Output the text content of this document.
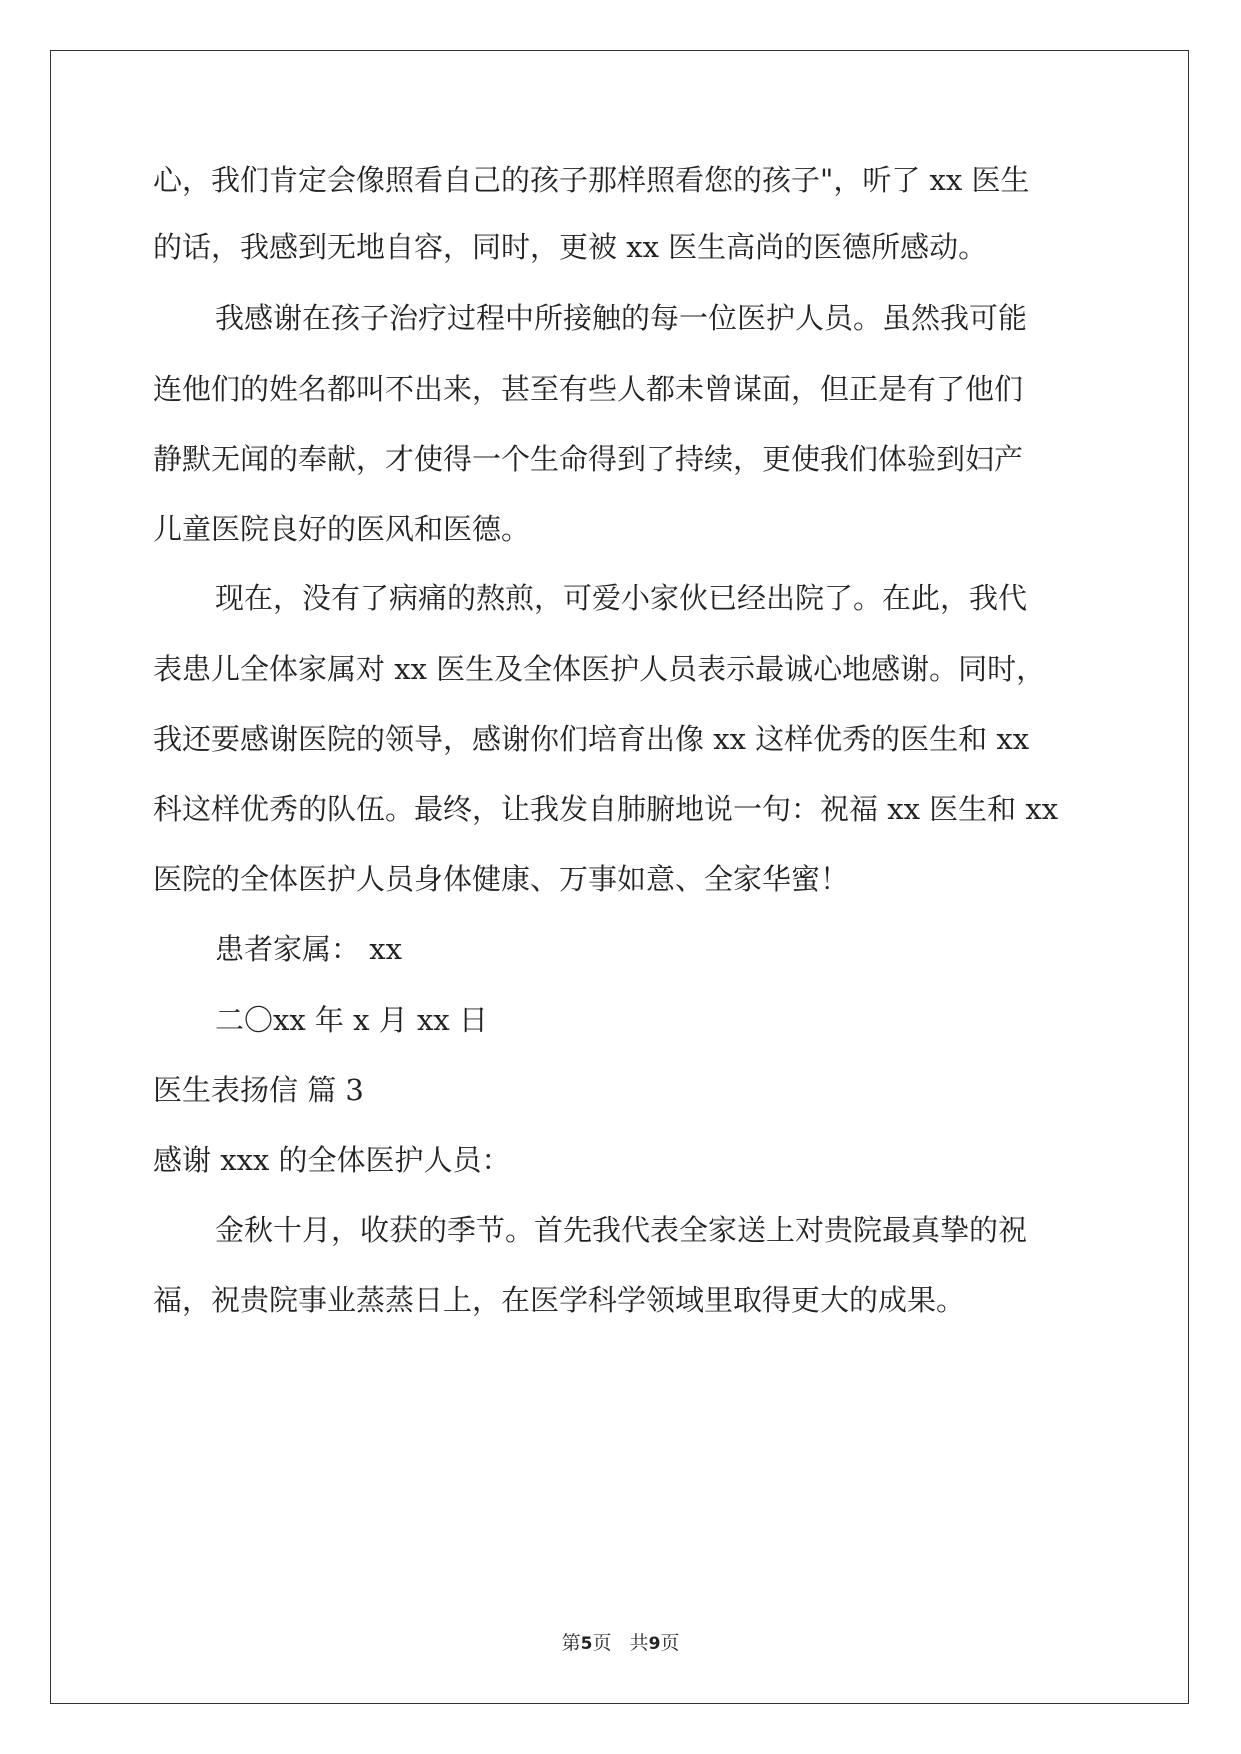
心，我们肯定会像照看自己的孩子那样照看您的孩子"，听了 xx 医生
的话，我感到无地自容，同时，更被 xx 医生高尚的医德所感动。
我感谢在孩子治疗过程中所接触的每一位医护人员。虽然我可能
连他们的姓名都叫不出来，甚至有些人都未曾谋面，但正是有了他们
静默无闻的奉献，才使得一个生命得到了持续，更使我们体验到妇产
儿童医院良好的医风和医德。
现在，没有了病痛的熬煎，可爱小家伙已经出院了。在此，我代
表患儿全体家属对 xx 医生及全体医护人员表示最诚心地感谢。同时，
我还要感谢医院的领导，感谢你们培育出像 xx 这样优秀的医生和 xx
科这样优秀的队伍。最终，让我发自肺腑地说一句：祝福 xx 医生和 xx
医院的全体医护人员身体健康、万事如意、全家华蜜！
患者家属： xx
二〇xx 年 x 月 xx 日
医生表扬信 篇 3
感谢 xxx 的全体医护人员：
金秋十月，收获的季节。首先我代表全家送上对贵院最真挚的祝
福，祝贵院事业蒸蒸日上，在医学科学领域里取得更大的成果。
第5页   共9页
